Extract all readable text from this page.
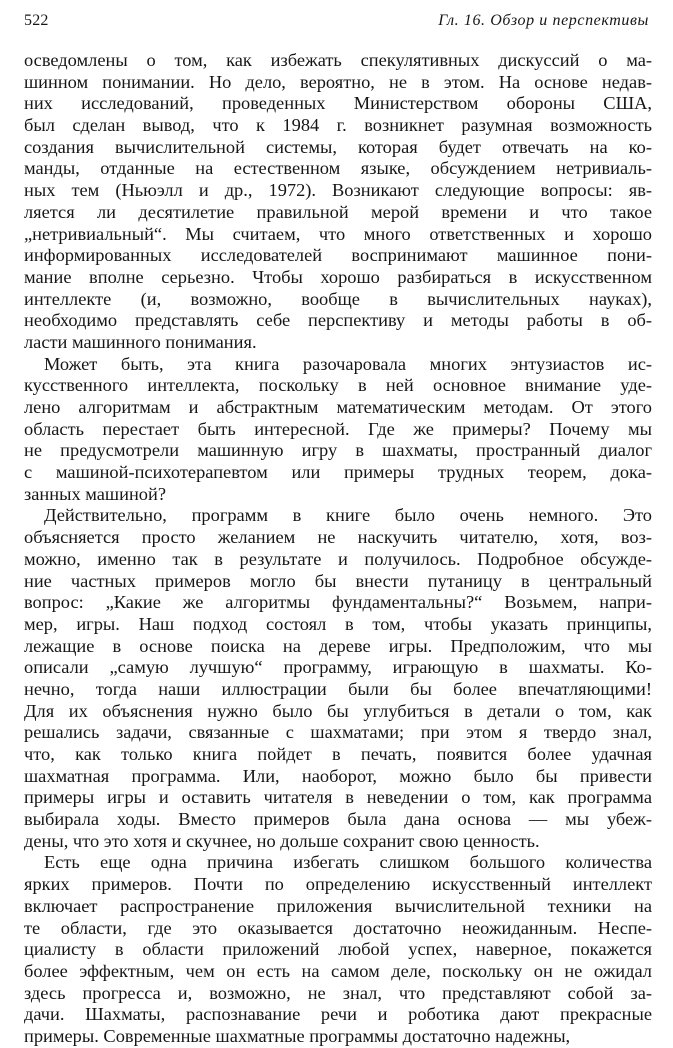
522	Гл. 16. Обзор и перспективы
осведомлены о том, как избежать спекулятивных дискуссий о ма-
шинном понимании. Но дело, вероятно, не в этом. На основе недав-
них исследований, проведенных Министерством обороны США,
был сделан вывод, что к 1984 г. возникнет разумная возможность
создания вычислительной системы, которая будет отвечать на ко-
манды, отданные на естественном языке, обсуждением нетривиаль-
ных тем (Ньюэлл и др., 1972). Возникают следующие вопросы: яв-
ляется ли десятилетие правильной мерой времени и что такое
„нетривиальный“. Мы считаем, что много ответственных и хорошо
информированных исследователей воспринимают машинное пони-
мание вполне серьезно. Чтобы хорошо разбираться в искусственном
интеллекте (и, возможно, вообще в вычислительных науках),
необходимо представлять себе перспективу и методы работы в об-
ласти машинного понимания.
Может быть, эта книга разочаровала многих энтузиастов ис-
кусственного интеллекта, поскольку в ней основное внимание уде-
лено алгоритмам и абстрактным математическим методам. От этого
область перестает быть интересной. Где же примеры? Почему мы
не предусмотрели машинную игру в шахматы, пространный диалог
с машиной-психотерапевтом или примеры трудных теорем, дока-
занных машиной?
Действительно, программ в книге было очень немного. Это
объясняется просто желанием не наскучить читателю, хотя, воз-
можно, именно так в результате и получилось. Подробное обсужде-
ние частных примеров могло бы внести путаницу в центральный
вопрос: „Какие же алгоритмы фундаментальны?“ Возьмем, напри-
мер, игры. Наш подход состоял в том, чтобы указать принципы,
лежащие в основе поиска на дереве игры. Предположим, что мы
описали „самую лучшую“ программу, играющую в шахматы. Ко-
нечно, тогда наши иллюстрации были бы более впечатляющими!
Для их объяснения нужно было бы углубиться в детали о том, как
решались задачи, связанные с шахматами; при этом я твердо знал,
что, как только книга пойдет в печать, появится более удачная
шахматная программа. Или, наоборот, можно было бы привести
примеры игры и оставить читателя в неведении о том, как программа
выбирала ходы. Вместо примеров была дана основа — мы убеж-
дены, что это хотя и скучнее, но дольше сохранит свою ценность.
Есть еще одна причина избегать слишком большого количества
ярких примеров. Почти по определению искусственный интеллект
включает распространение приложения вычислительной техники на
те области, где это оказывается достаточно неожиданным. Неспе-
циалисту в области приложений любой успех, наверное, покажется
более эффектным, чем он есть на самом деле, поскольку он не ожидал
здесь прогресса и, возможно, не знал, что представляют собой за-
дачи. Шахматы, распознавание речи и роботика дают прекрасные
примеры. Современные шахматные программы достаточно надежны,
